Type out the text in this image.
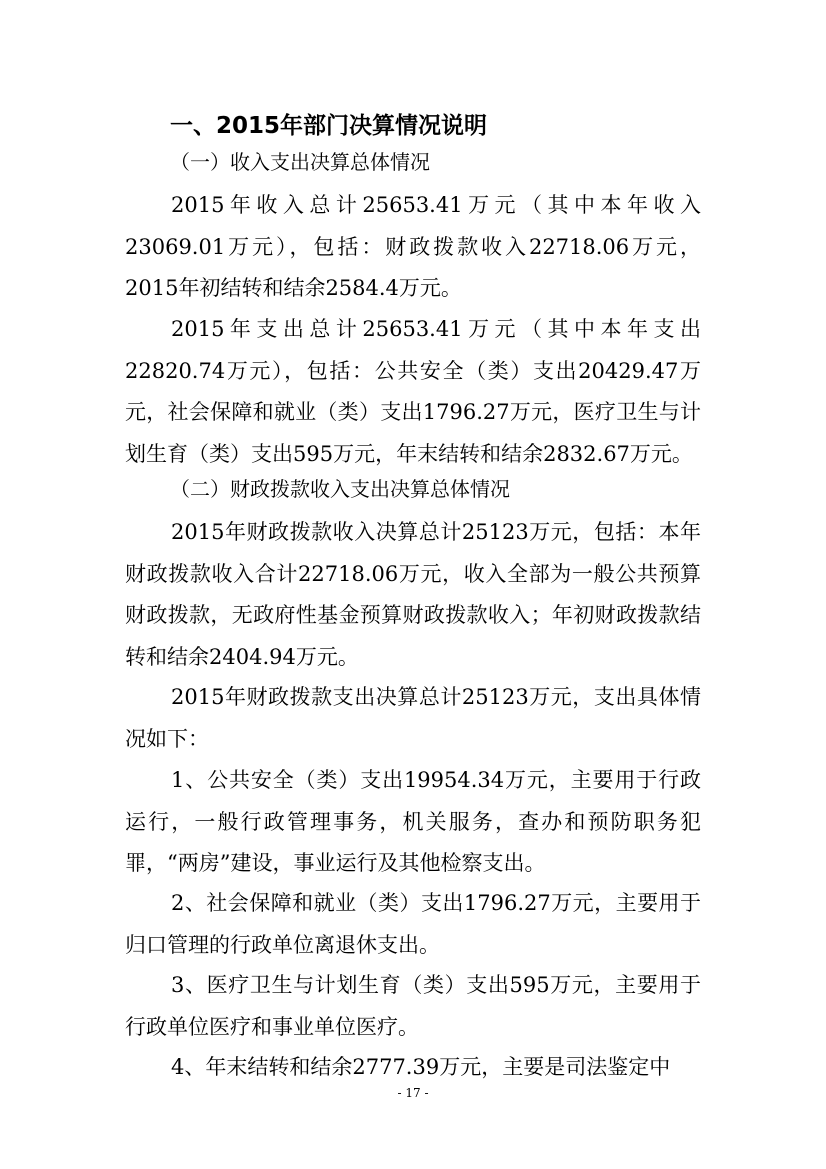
一、2015年部门决算情况说明
（一）收入支出决算总体情况

2015年收入总计25653.41万元（其中本年收入23069.01万元），包括：财政拨款收入22718.06万元，2015年初结转和结余2584.4万元。

2015年支出总计25653.41万元（其中本年支出22820.74万元），包括：公共安全（类）支出20429.47万元，社会保障和就业（类）支出1796.27万元，医疗卫生与计划生育（类）支出595万元，年末结转和结余2832.67万元。

（二）财政拨款收入支出决算总体情况

2015年财政拨款收入决算总计25123万元，包括：本年财政拨款收入合计22718.06万元，收入全部为一般公共预算财政拨款，无政府性基金预算财政拨款收入；年初财政拨款结转和结余2404.94万元。

2015年财政拨款支出决算总计25123万元，支出具体情况如下：

1、公共安全（类）支出19954.34万元，主要用于行政运行，一般行政管理事务，机关服务，查办和预防职务犯罪，“两房”建设，事业运行及其他检察支出。

2、社会保障和就业（类）支出1796.27万元，主要用于归口管理的行政单位离退休支出。

3、医疗卫生与计划生育（类）支出595万元，主要用于行政单位医疗和事业单位医疗。

4、年末结转和结余2777.39万元，主要是司法鉴定中

- 17 -
